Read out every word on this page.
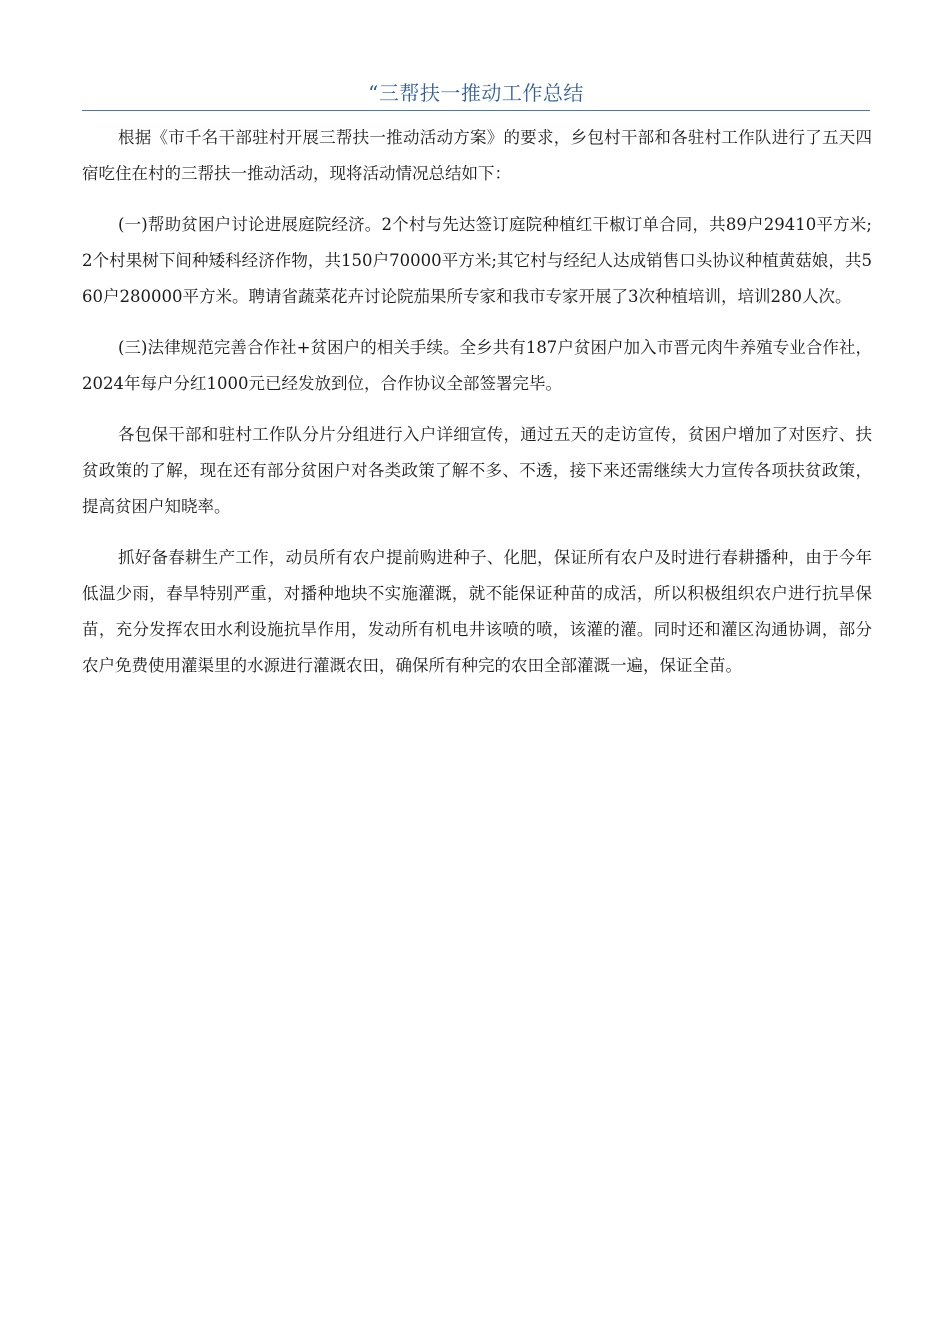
“三帮扶一推动工作总结

根据《市千名干部驻村开展三帮扶一推动活动方案》的要求，乡包村干部和各驻村工作队进行了五天四宿吃住在村的三帮扶一推动活动，现将活动情况总结如下：

(一)帮助贫困户讨论进展庭院经济。2个村与先达签订庭院种植红干椒订单合同，共89户29410平方米;2个村果树下间种矮科经济作物，共150户70000平方米;其它村与经纪人达成销售口头协议种植黄菇娘，共560户280000平方米。聘请省蔬菜花卉讨论院茄果所专家和我市专家开展了3次种植培训，培训280人次。

(三)法律规范完善合作社+贫困户的相关手续。全乡共有187户贫困户加入市晋元肉牛养殖专业合作社，2024年每户分红1000元已经发放到位，合作协议全部签署完毕。

各包保干部和驻村工作队分片分组进行入户详细宣传，通过五天的走访宣传，贫困户增加了对医疗、扶贫政策的了解，现在还有部分贫困户对各类政策了解不多、不透，接下来还需继续大力宣传各项扶贫政策，提高贫困户知晓率。

抓好备春耕生产工作，动员所有农户提前购进种子、化肥，保证所有农户及时进行春耕播种，由于今年低温少雨，春旱特别严重，对播种地块不实施灌溉，就不能保证种苗的成活，所以积极组织农户进行抗旱保苗，充分发挥农田水利设施抗旱作用，发动所有机电井该喷的喷，该灌的灌。同时还和灌区沟通协调，部分农户免费使用灌渠里的水源进行灌溉农田，确保所有种完的农田全部灌溉一遍，保证全苗。
